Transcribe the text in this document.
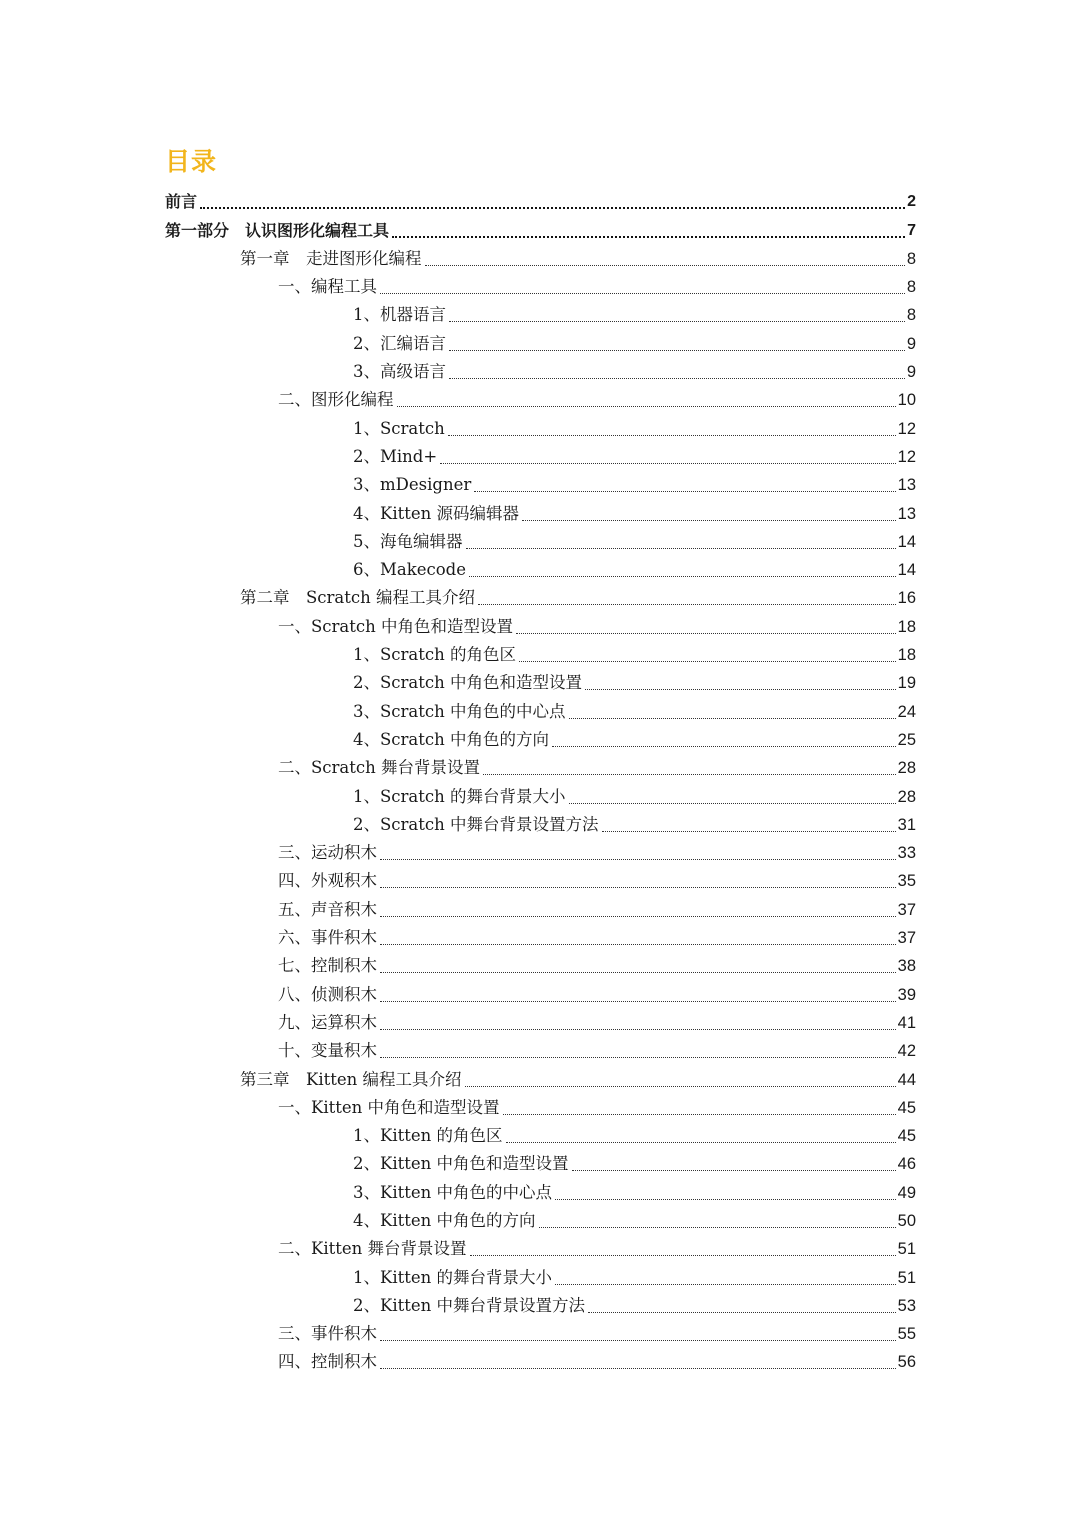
目录
前言	2
第一部分　认识图形化编程工具	7
第一章　走进图形化编程	8
一、编程工具	8
1、机器语言	8
2、汇编语言	9
3、高级语言	9
二、图形化编程	10
1、Scratch	12
2、Mind+	12
3、mDesigner	13
4、Kitten 源码编辑器	13
5、海龟编辑器	14
6、Makecode	14
第二章　Scratch 编程工具介绍	16
一、Scratch 中角色和造型设置	18
1、Scratch 的角色区	18
2、Scratch 中角色和造型设置	19
3、Scratch 中角色的中心点	24
4、Scratch 中角色的方向	25
二、Scratch 舞台背景设置	28
1、Scratch 的舞台背景大小	28
2、Scratch 中舞台背景设置方法	31
三、运动积木	33
四、外观积木	35
五、声音积木	37
六、事件积木	37
七、控制积木	38
八、侦测积木	39
九、运算积木	41
十、变量积木	42
第三章　Kitten 编程工具介绍	44
一、Kitten 中角色和造型设置	45
1、Kitten 的角色区	45
2、Kitten 中角色和造型设置	46
3、Kitten 中角色的中心点	49
4、Kitten 中角色的方向	50
二、Kitten 舞台背景设置	51
1、Kitten 的舞台背景大小	51
2、Kitten 中舞台背景设置方法	53
三、事件积木	55
四、控制积木	56
